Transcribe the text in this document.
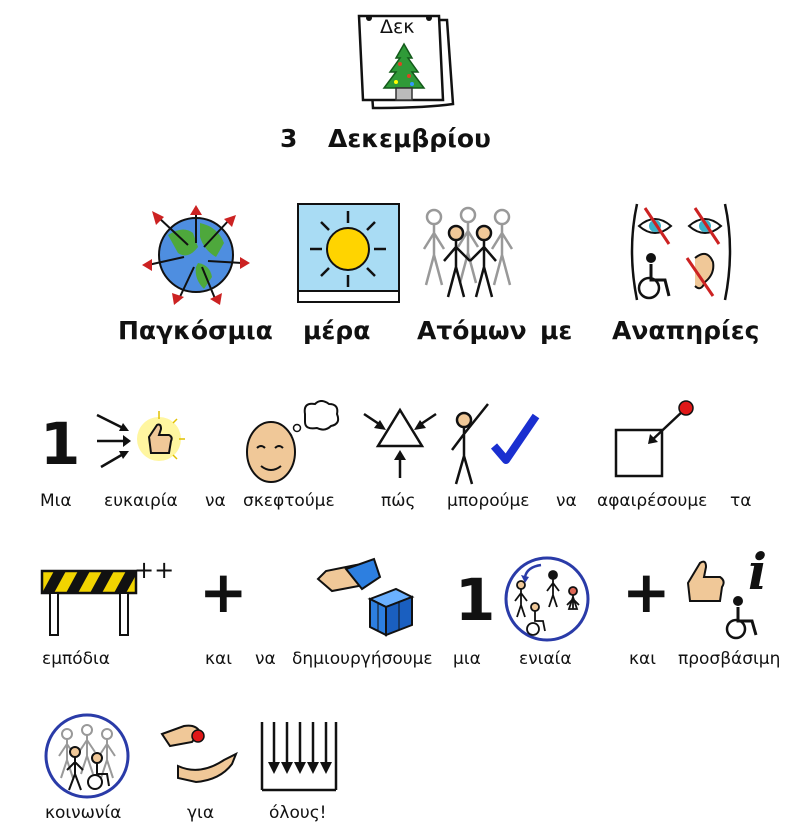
Δεκ
3 Δεκεμβρίου
Παγκόσμια μέρα Ατόμων με Αναπηρίες
1
Μια ευκαιρία να σκεφτούμε	πώς μπορούμε να αφαιρέσουμε τα
++ +	1 + i
εμπόδια	και να δημιουργήσουμε μια ενιαία	και προσβάσιμη
κοινωνία	για	όλους!
